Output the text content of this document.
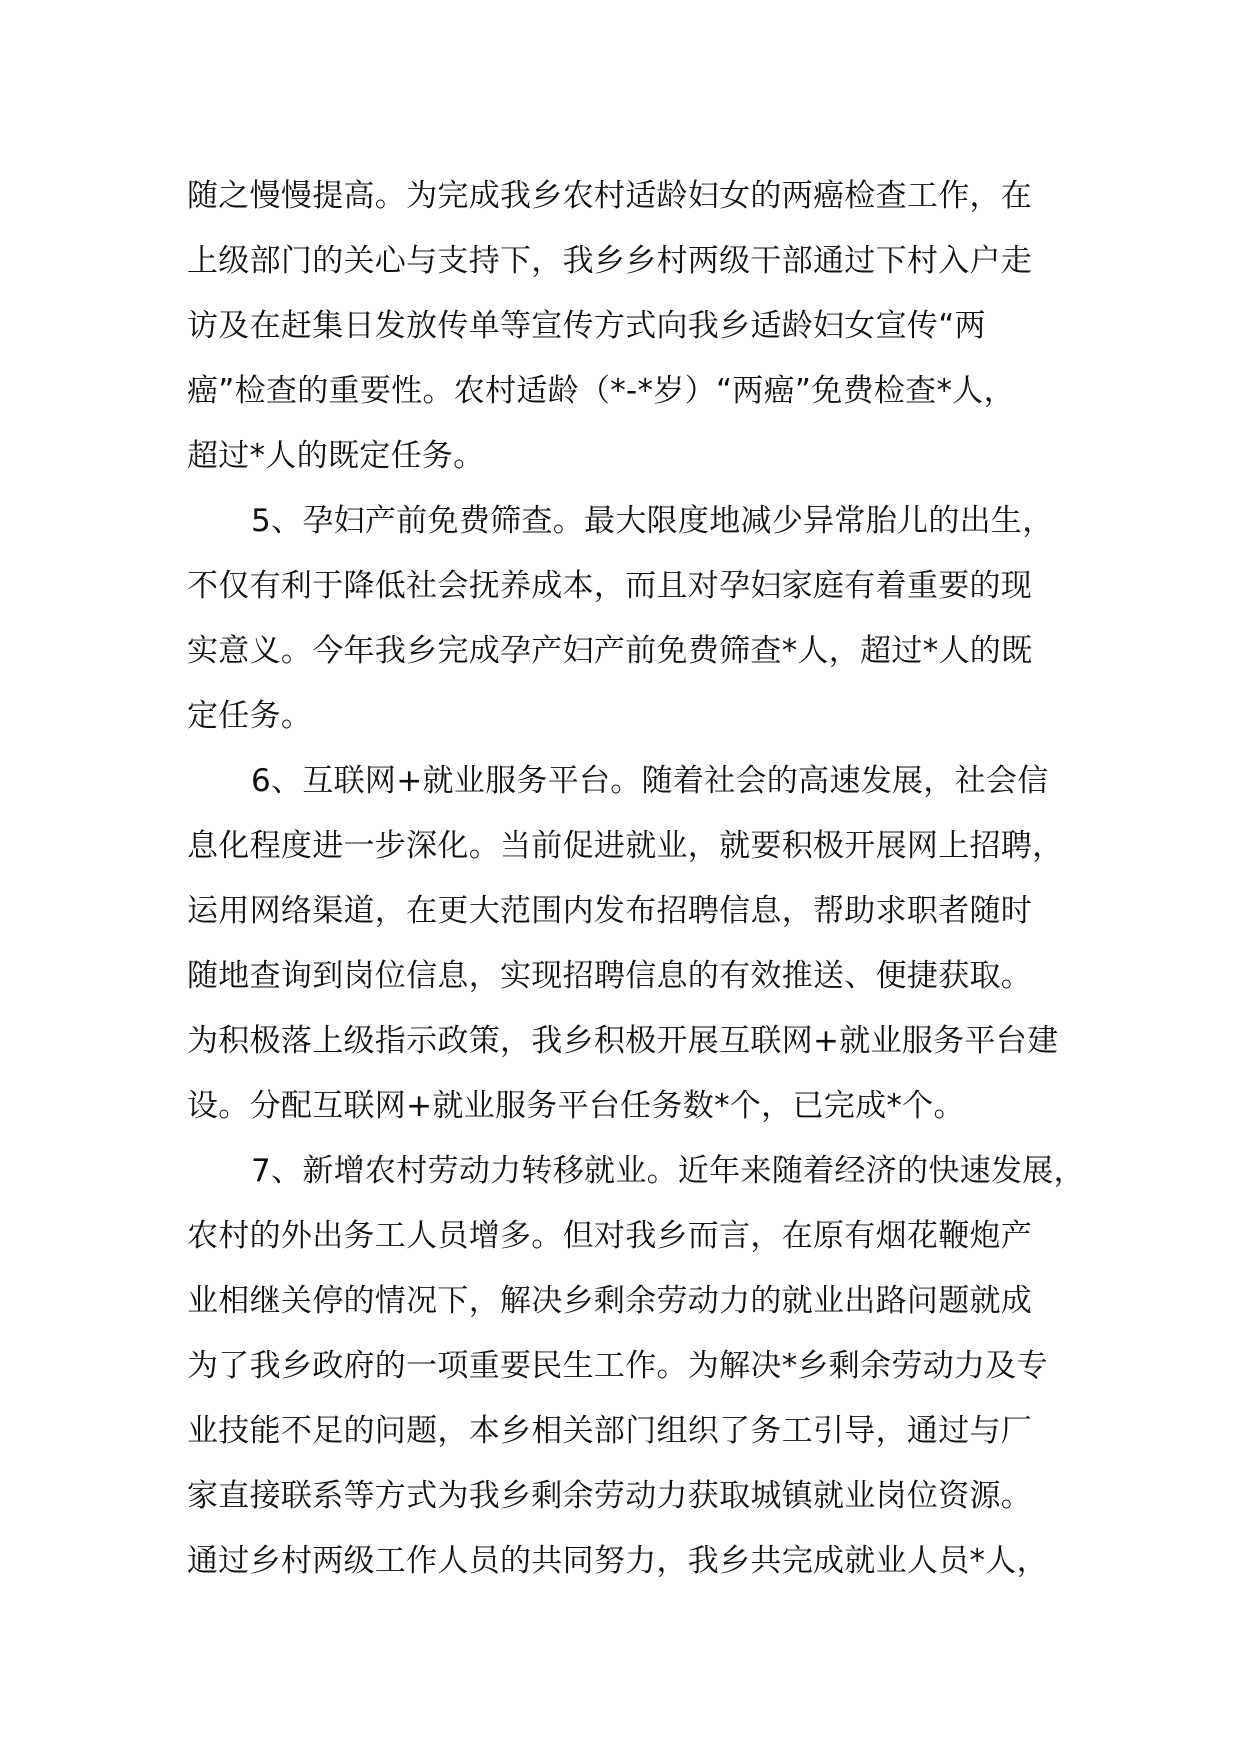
随之慢慢提高。为完成我乡农村适龄妇女的两癌检查工作，在
上级部门的关心与支持下，我乡乡村两级干部通过下村入户走
访及在赶集日发放传单等宣传方式向我乡适龄妇女宣传“两
癌”检查的重要性。农村适龄（*-*岁）“两癌”免费检查*人，
超过*人的既定任务。
5、孕妇产前免费筛查。最大限度地减少异常胎儿的出生，
不仅有利于降低社会抚养成本，而且对孕妇家庭有着重要的现
实意义。今年我乡完成孕产妇产前免费筛查*人，超过*人的既
定任务。
6、互联网+就业服务平台。随着社会的高速发展，社会信
息化程度进一步深化。当前促进就业，就要积极开展网上招聘，
运用网络渠道，在更大范围内发布招聘信息，帮助求职者随时
随地查询到岗位信息，实现招聘信息的有效推送、便捷获取。
为积极落上级指示政策，我乡积极开展互联网+就业服务平台建
设。分配互联网+就业服务平台任务数*个，已完成*个。
7、新增农村劳动力转移就业。近年来随着经济的快速发展，
农村的外出务工人员增多。但对我乡而言，在原有烟花鞭炮产
业相继关停的情况下，解决乡剩余劳动力的就业出路问题就成
为了我乡政府的一项重要民生工作。为解决*乡剩余劳动力及专
业技能不足的问题，本乡相关部门组织了务工引导，通过与厂
家直接联系等方式为我乡剩余劳动力获取城镇就业岗位资源。
通过乡村两级工作人员的共同努力，我乡共完成就业人员*人，
